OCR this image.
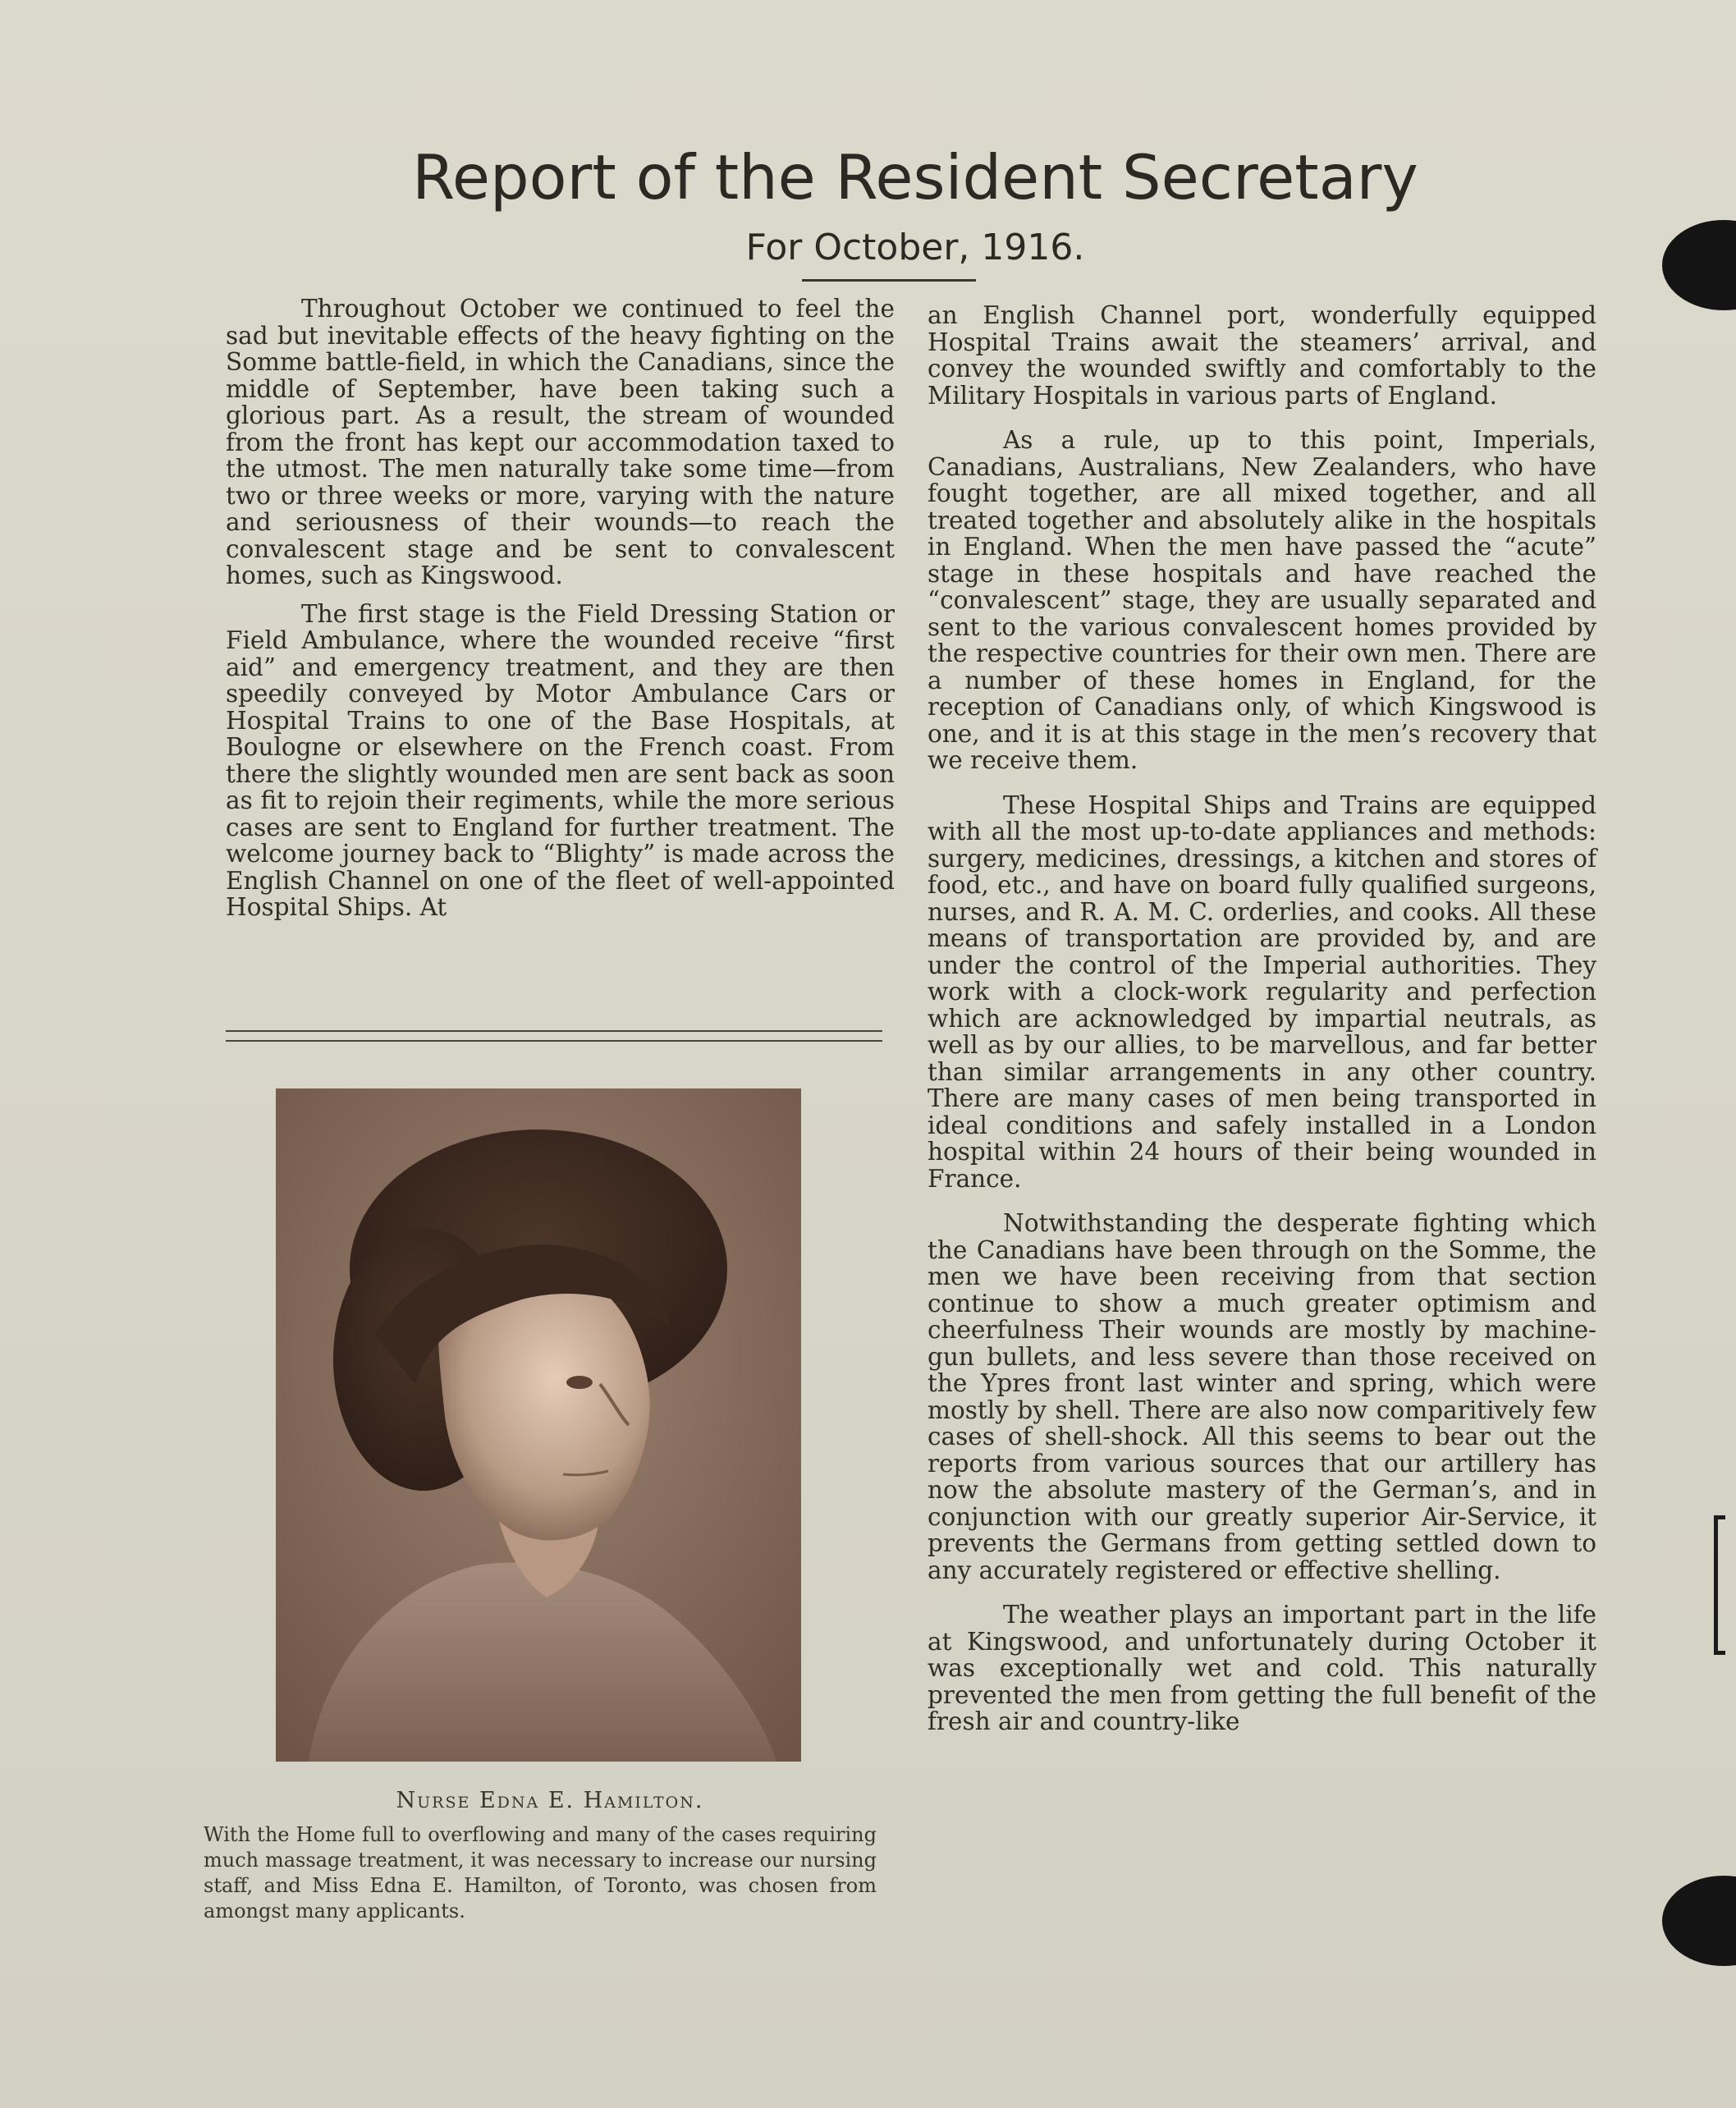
Report of the Resident Secretary
For October, 1916.

Throughout October we continued to feel the sad but inevitable effects of the heavy fighting on the Somme battle-field, in which the Canadians, since the middle of September, have been taking such a glorious part. As a result, the stream of wounded from the front has kept our accommodation taxed to the utmost. The men naturally take some time—from two or three weeks or more, varying with the nature and seriousness of their wounds—to reach the convalescent stage and be sent to convalescent homes, such as Kingswood.

The first stage is the Field Dressing Station or Field Ambulance, where the wounded receive “first aid” and emergency treatment, and they are then speedily conveyed by Motor Ambulance Cars or Hospital Trains to one of the Base Hospitals, at Boulogne or elsewhere on the French coast. From there the slightly wounded men are sent back as soon as fit to rejoin their regiments, while the more serious cases are sent to England for further treatment. The welcome journey back to “Blighty” is made across the English Channel on one of the fleet of well-appointed Hospital Ships. At

Nurse Edna E. Hamilton.
With the Home full to overflowing and many of the cases requiring much massage treatment, it was necessary to increase our nursing staff, and Miss Edna E. Hamilton, of Toronto, was chosen from amongst many applicants.

an English Channel port, wonderfully equipped Hospital Trains await the steamers’ arrival, and convey the wounded swiftly and comfortably to the Military Hospitals in various parts of England.

As a rule, up to this point, Imperials, Canadians, Australians, New Zealanders, who have fought together, are all mixed together, and all treated together and absolutely alike in the hospitals in England. When the men have passed the “acute” stage in these hospitals and have reached the “convalescent” stage, they are usually separated and sent to the various convalescent homes provided by the respective countries for their own men. There are a number of these homes in England, for the reception of Canadians only, of which Kingswood is one, and it is at this stage in the men’s recovery that we receive them.

These Hospital Ships and Trains are equipped with all the most up-to-date appliances and methods: surgery, medicines, dressings, a kitchen and stores of food, etc., and have on board fully qualified surgeons, nurses, and R. A. M. C. orderlies, and cooks. All these means of transportation are provided by, and are under the control of the Imperial authorities. They work with a clock-work regularity and perfection which are acknowledged by impartial neutrals, as well as by our allies, to be marvellous, and far better than similar arrangements in any other country. There are many cases of men being transported in ideal conditions and safely installed in a London hospital within 24 hours of their being wounded in France.

Notwithstanding the desperate fighting which the Canadians have been through on the Somme, the men we have been receiving from that section continue to show a much greater optimism and cheerfulness Their wounds are mostly by machine-gun bullets, and less severe than those received on the Ypres front last winter and spring, which were mostly by shell. There are also now comparitively few cases of shell-shock. All this seems to bear out the reports from various sources that our artillery has now the absolute mastery of the German’s, and in conjunction with our greatly superior Air-Service, it prevents the Germans from getting settled down to any accurately registered or effective shelling.

The weather plays an important part in the life at Kingswood, and unfortunately during October it was exceptionally wet and cold. This naturally prevented the men from getting the full benefit of the fresh air and country-like
